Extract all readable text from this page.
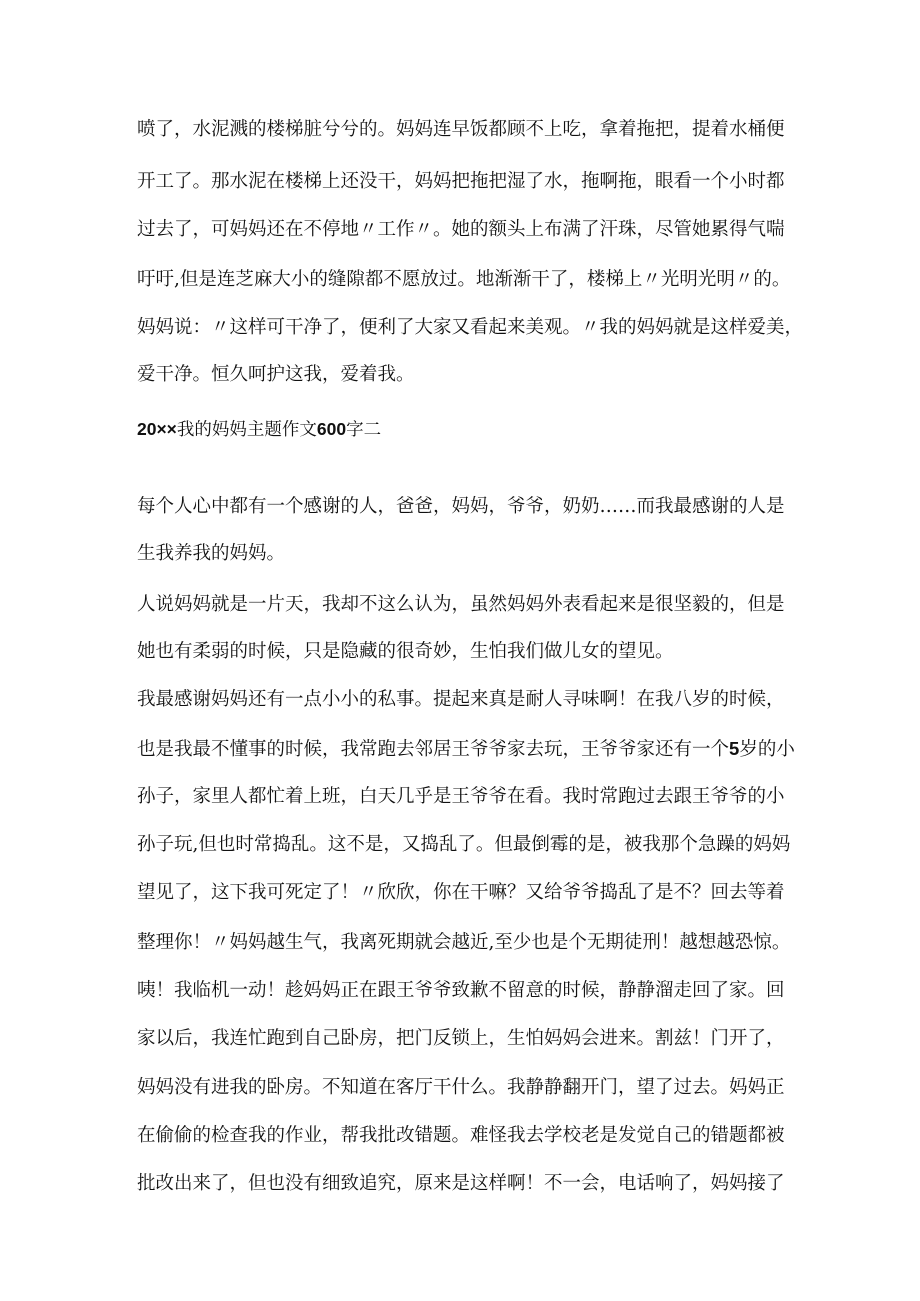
喷了，水泥溅的楼梯脏兮兮的。妈妈连早饭都顾不上吃，拿着拖把，提着水桶便

开工了。那水泥在楼梯上还没干，妈妈把拖把湿了水，拖啊拖，眼看一个小时都

过去了，可妈妈还在不停地〃工作〃。她的额头上布满了汗珠，尽管她累得气喘

吁吁,但是连芝麻大小的缝隙都不愿放过。地渐渐干了，楼梯上〃光明光明〃的。

妈妈说：〃这样可干净了，便利了大家又看起来美观。〃我的妈妈就是这样爱美，

爱干净。恒久呵护这我，爱着我。

20××我的妈妈主题作文600字二

每个人心中都有一个感谢的人，爸爸，妈妈，爷爷，奶奶……而我最感谢的人是

生我养我的妈妈。

人说妈妈就是一片天，我却不这么认为，虽然妈妈外表看起来是很坚毅的，但是

她也有柔弱的时候，只是隐藏的很奇妙，生怕我们做儿女的望见。

我最感谢妈妈还有一点小小的私事。提起来真是耐人寻味啊！在我八岁的时候，

也是我最不懂事的时候，我常跑去邻居王爷爷家去玩，王爷爷家还有一个5岁的小

孙子，家里人都忙着上班，白天几乎是王爷爷在看。我时常跑过去跟王爷爷的小

孙子玩,但也时常捣乱。这不是，又捣乱了。但最倒霉的是，被我那个急躁的妈妈

望见了，这下我可死定了！〃欣欣，你在干嘛？又给爷爷捣乱了是不？回去等着

整理你！〃妈妈越生气，我离死期就会越近,至少也是个无期徒刑！越想越恐惊。

咦！我临机一动！趁妈妈正在跟王爷爷致歉不留意的时候，静静溜走回了家。回

家以后，我连忙跑到自己卧房，把门反锁上，生怕妈妈会进来。割兹！门开了，

妈妈没有进我的卧房。不知道在客厅干什么。我静静翻开门，望了过去。妈妈正

在偷偷的检查我的作业，帮我批改错题。难怪我去学校老是发觉自己的错题都被

批改出来了，但也没有细致追究，原来是这样啊！不一会，电话响了，妈妈接了
